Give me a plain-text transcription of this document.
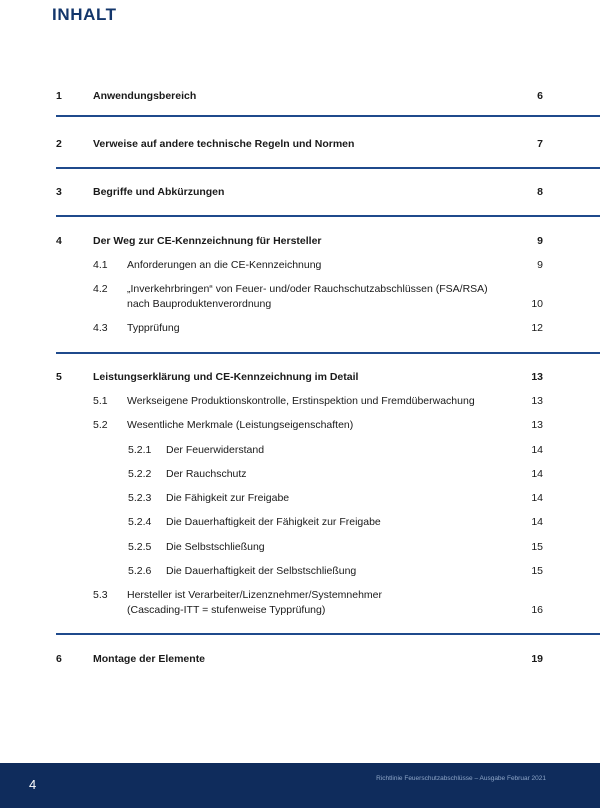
INHALT
1	Anwendungsbereich	6
2	Verweise auf andere technische Regeln und Normen	7
3	Begriffe und Abkürzungen	8
4	Der Weg zur CE-Kennzeichnung für Hersteller	9
4.1 Anforderungen an die CE-Kennzeichnung	9
4.2 „Inverkehrbringen“ von Feuer- und/oder Rauchschutzabschlüssen (FSA/RSA) nach Bauproduktenverordnung	10
4.3 Typprüfung	12
5	Leistungserklärung und CE-Kennzeichnung im Detail	13
5.1 Werkseigene Produktionskontrolle, Erstinspektion und Fremdüberwachung	13
5.2 Wesentliche Merkmale (Leistungseigenschaften)	13
5.2.1 Der Feuerwiderstand	14
5.2.2 Der Rauchschutz	14
5.2.3 Die Fähigkeit zur Freigabe	14
5.2.4 Die Dauerhaftigkeit der Fähigkeit zur Freigabe	14
5.2.5 Die Selbstschließung	15
5.2.6 Die Dauerhaftigkeit der Selbstschließung	15
5.3 Hersteller ist Verarbeiter/Lizenznehmer/Systemnehmer (Cascading-ITT = stufenweise Typprüfung)	16
6	Montage der Elemente	19
4	Richtlinie Feuerschutzabschlüsse – Ausgabe Februar 2021
